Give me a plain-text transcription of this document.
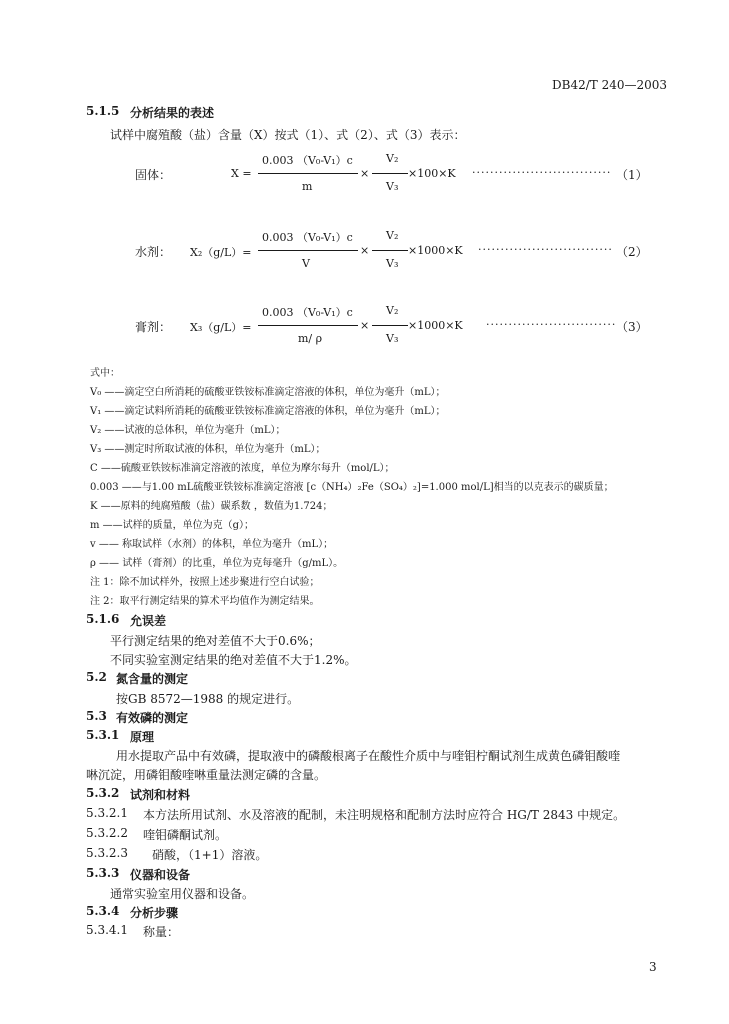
DB42/T 240—2003
5.1.5 分析结果的表述
试样中腐殖酸（盐）含量（X）按式（1）、式（2）、式（3）表示：
固体：	X =
0.003 （V₀-V₁）c
m
×
V₂
V₃
×100×K ······························· （1）
水剂： X₂（g/L）=
0.003 （V₀-V₁）c
V
×
V₂
V₃
×1000×K ······························ （2）
膏剂： X₃（g/L）=
0.003 （V₀-V₁）c
m/ ρ
×
V₂
V₃
×1000×K ····························· （3）
式中：
V₀ ——滴定空白所消耗的硫酸亚铁铵标准滴定溶液的体积，单位为毫升（mL）；
V₁ ——滴定试料所消耗的硫酸亚铁铵标准滴定溶液的体积，单位为毫升（mL）；
V₂ ——试液的总体积，单位为毫升（mL）；
V₃ ——测定时所取试液的体积，单位为毫升（mL）；
C ——硫酸亚铁铵标准滴定溶液的浓度，单位为摩尔每升（mol/L）；
0.003 ——与1.00 mL硫酸亚铁铵标准滴定溶液 [c（NH₄）₂Fe（SO₄）₂]=1.000 mol/L]相当的以克表示的碳质量；
K ——原料的纯腐殖酸（盐）碳系数 ，数值为1.724；
m ——试样的质量，单位为克（g）；
v —— 称取试样（水剂）的体积，单位为毫升（mL）；
ρ —— 试样（膏剂）的比重，单位为克每毫升（g/mL）。
注 1：除不加试样外，按照上述步聚进行空白试验；
注 2：取平行测定结果的算术平均值作为测定结果。
5.1.6 允误差
平行测定结果的绝对差值不大于0.6%；
不同实验室测定结果的绝对差值不大于1.2%。
5.2 氮含量的测定
按GB 8572—1988 的规定进行。
5.3 有效磷的测定
5.3.1 原理
用水提取产品中有效磷，提取液中的磷酸根离子在酸性介质中与喹钼柠酮试剂生成黄色磷钼酸喹
啉沉淀，用磷钼酸喹啉重量法测定磷的含量。
5.3.2 试剂和材料
5.3.2.1 本方法所用试剂、水及溶液的配制，未注明规格和配制方法时应符合 HG/T 2843 中规定。
5.3.2.2 喹钼磷酮试剂。
5.3.2.3 硝酸，（1+1）溶液。
5.3.3 仪器和设备
通常实验室用仪器和设备。
5.3.4 分析步骤
5.3.4.1 称量：
3
